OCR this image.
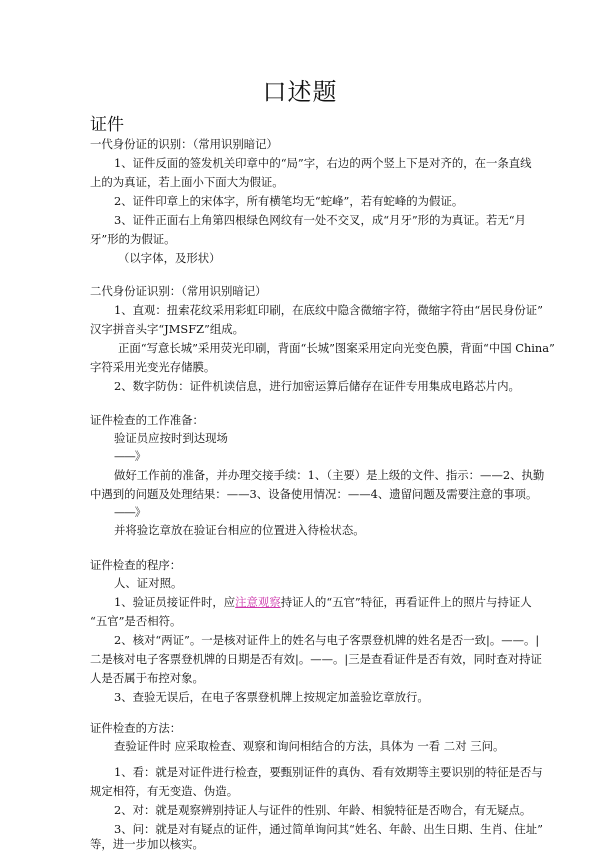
口述题
证件
一代身份证的识别：（常用识别暗记）
1、证件反面的签发机关印章中的“局”字，右边的两个竖上下是对齐的，在一条直线
上的为真证，若上面小下面大为假证。
2、证件印章上的宋体字，所有横笔均无“蛇峰”，若有蛇峰的为假证。
3、证件正面右上角第四根绿色网纹有一处不交叉，成“月牙”形的为真证。若无“月
牙”形的为假证。
（以字体，及形状）
二代身份证识别：（常用识别暗记）
1、直观：扭索花纹采用彩虹印刷，在底纹中隐含微缩字符，微缩字符由“居民身份证”
汉字拼音头字“JMSFZ”组成。
正面“写意长城”采用荧光印刷，背面“长城”图案采用定向光变色膜，背面“中国 China”
字符采用光变光存储膜。
2、数字防伪：证件机读信息，进行加密运算后储存在证件专用集成电路芯片内。
证件检查的工作准备：
验证员应按时到达现场
——》
做好工作前的准备，并办理交接手续：1、（主要）是上级的文件、指示：——2、执勤
中遇到的问题及处理结果：——3、设备使用情况：——4、遗留问题及需要注意的事项。
——》
并将验讫章放在验证台相应的位置进入待检状态。
证件检查的程序：
人、证对照。
1、验证员接证件时，应注意观察持证人的“五官”特征，再看证件上的照片与持证人
“五官”是否相符。
2、核对“两证”。一是核对证件上的姓名与电子客票登机牌的姓名是否一致|。——。|
二是核对电子客票登机牌的日期是否有效|。——。|三是查看证件是否有效，同时查对持证
人是否属于布控对象。
3、查验无误后，在电子客票登机牌上按规定加盖验讫章放行。
证件检查的方法：
查验证件时 应采取检查、观察和询问相结合的方法，具体为 一看 二对 三问。
1、看：就是对证件进行检查，要甄别证件的真伪、看有效期等主要识别的特征是否与
规定相符，有无变造、伪造。
2、对：就是观察辨别持证人与证件的性别、年龄、相貌特征是否吻合，有无疑点。
3、问：就是对有疑点的证件，通过简单询问其“姓名、年龄、出生日期、生肖、住址”
等，进一步加以核实。
